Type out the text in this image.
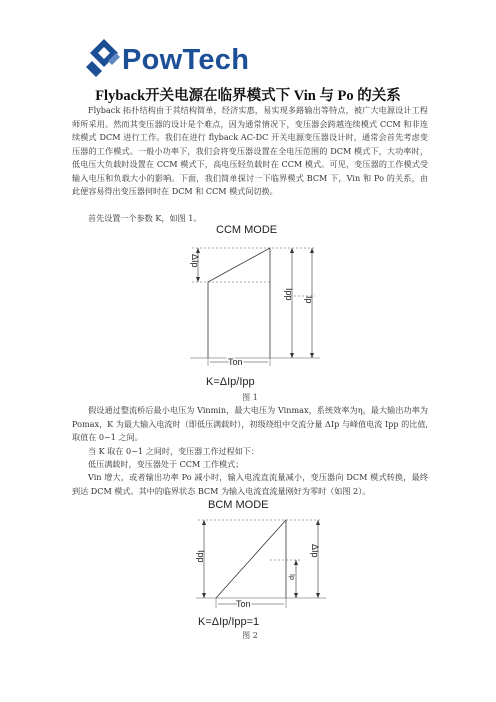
PowTech
Flyback开关电源在临界模式下 Vin 与 Po 的关系

Flyback 拓扑结构由于其结构简单，经济实惠，易实现多路输出等特点，被广大电源设计工程师所采用。然而其变压器的设计是个难点，因为通常情况下，变压器会跨越连续模式 CCM 和非连续模式 DCM 进行工作。我们在进行 flyback AC-DC 开关电源变压器设计时，通常会首先考虑变压器的工作模式。一般小功率下，我们会将变压器设置在全电压范围的 DCM 模式下，大功率时，低电压大负载时设置在 CCM 模式下，高电压轻负载时在 CCM 模式。可见，变压器的工作模式受输入电压和负载大小的影响。下面，我们简单探讨一下临界模式 BCM 下，Vin 和 Po 的关系，由此便容易得出变压器何时在 DCM 和 CCM 模式间切换。

首先设置一个参数 K，如图 1。
CCM MODE
ΔIp
Ipp Ip
Ton
K=ΔIp/Ipp
图 1

假设通过整流桥后最小电压为 Vinmin，最大电压为 Vinmax，系统效率为η，最大输出功率为 Pomax，K 为最大输入电流时（即低压满载时），初级绕组中交流分量 ΔIp 与峰值电流 Ipp 的比值,取值在 0~1 之间。

当 K 取在 0~1 之间时，变压器工作过程如下：
低压满载时，变压器处于 CCM 工作模式；

Vin 增大，或者输出功率 Po 减小时，输入电流直流量减小，变压器向 DCM 模式转换，最终到达 DCM 模式。其中的临界状态 BCM 为输入电流直流量刚好为零时（如图 2）。

BCM MODE
Ipp
Ip
ΔIp
Ton
K=ΔIp/Ipp=1
图 2
